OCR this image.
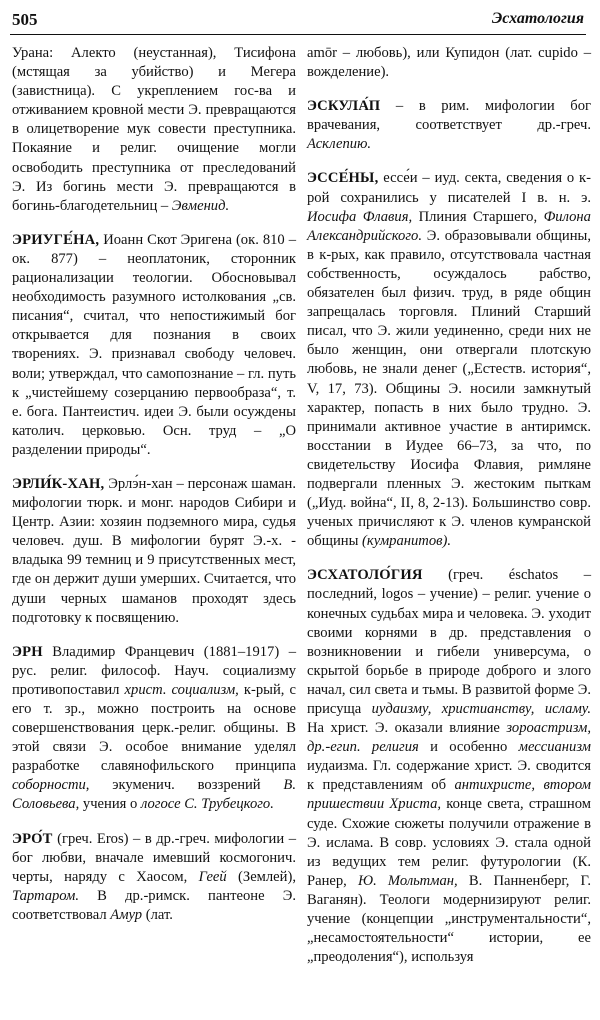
505	Эсхатология

Урана: Алекто (неустанная), Тисифона (мстящая за убийство) и Мегера (завистница). С укреплением гос-ва и отживанием кровной мести Э. превращаются в олицетворение мук совести преступника. Покаяние и религ. очищение могли освободить преступника от преследований Э. Из богинь мести Э. превращаются в богинь-благодетельниц – Эвменид.

ЭРИУГЕ́НА, Иоанн Скот Эригена (ок. 810 – ок. 877) – неоплатоник, сторонник рационализации теологии. Обосновывал необходимость разумного истолкования „св. писания“, считал, что непостижимый бог открывается для познания в своих творениях. Э. признавал свободу человеч. воли; утверждал, что самопознание – гл. путь к „чистейшему созерцанию первообраза“, т. е. бога. Пантеистич. идеи Э. были осуждены католич. церковью. Осн. труд – „О разделении природы“.

ЭРЛИ́К-ХАН, Эрлэ́н-хан – персонаж шаман. мифологии тюрк. и монг. народов Сибири и Центр. Азии: хозяин подземного мира, судья человеч. душ. В мифологии бурят Э.-х. - владыка 99 темниц и 9 присутственных мест, где он держит души умерших. Считается, что души черных шаманов проходят здесь подготовку к посвящению.

ЭРН Владимир Францевич (1881–1917) – рус. религ. философ. Науч. социализму противопоставил христ. социализм, к-рый, с его т. зр., можно построить на основе совершенствования церк.-религ. общины. В этой связи Э. особое внимание уделял разработке славянофильского принципа соборности, экуменич. воззрений В. Соловьева, учения о логосе С. Трубецкого.

ЭРО́Т (греч. Eros) – в др.-греч. мифологии – бог любви, вначале имевший космогонич. черты, наряду с Хаосом, Геей (Землей), Тартаром. В др.-римск. пантеоне Э. соответствовал Амур (лат.

amōr – любовь), или Купидон (лат. cupido – вожделение).

ЭСКУЛА́П – в рим. мифологии бог врачевания, соответствует др.-греч. Асклепию.

ЭССЕ́НЫ, ессе́и – иуд. секта, сведения о к-рой сохранились у писателей I в. н. э. Иосифа Флавия, Плиния Старшего, Филона Александрийского. Э. образовывали общины, в к-рых, как правило, отсутствовала частная собственность, осуждалось рабство, обязателен был физич. труд, в ряде общин запрещалась торговля. Плиний Старший писал, что Э. жили уединенно, среди них не было женщин, они отвергали плотскую любовь, не знали денег („Естеств. история“, V, 17, 73). Общины Э. носили замкнутый характер, попасть в них было трудно. Э. принимали активное участие в антиримск. восстании в Иудее 66–73, за что, по свидетельству Иосифа Флавия, римляне подвергали пленных Э. жестоким пыткам („Иуд. война“, II, 8, 2-13). Большинство совр. ученых причисляют к Э. членов кумранской общины (кумранитов).

ЭСХАТОЛО́ГИЯ (греч. ésсhatos – последний, logos – учение) – религ. учение о конечных судьбах мира и человека. Э. уходит своими корнями в др. представления о возникновении и гибели универсума, о скрытой борьбе в природе доброго и злого начал, сил света и тьмы. В развитой форме Э. присуща иудаизму, христианству, исламу. На христ. Э. оказали влияние зороастризм, др.-егип. религия и особенно мессианизм иудаизма. Гл. содержание христ. Э. сводится к представлениям об антихристе, втором пришествии Христа, конце света, страшном суде. Схожие сюжеты получили отражение в Э. ислама. В совр. условиях Э. стала одной из ведущих тем религ. футурологии (К. Ранер, Ю. Мольтман, В. Панненберг, Г. Ваганян). Теологи модернизируют религ. учение (концепции „инструментальности“, „несамостоятельности“ истории, ее „преодоления“), используя
